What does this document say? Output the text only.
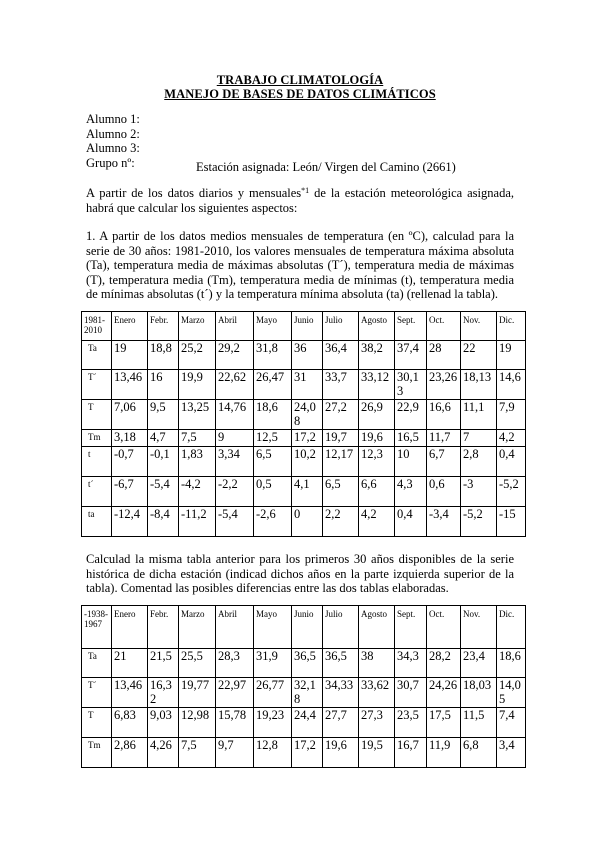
TRABAJO CLIMATOLOGÍA
MANEJO DE BASES DE DATOS CLIMÁTICOS
Alumno 1:
Alumno 2:
Alumno 3:
Grupo nº:	Estación asignada: León/ Virgen del Camino (2661)
A partir de los datos diarios y mensuales$^{*1}$ de la estación meteorológica asignada, habrá que calcular los siguientes aspectos:
1. A partir de los datos medios mensuales de temperatura (en ºC), calculad para la serie de 30 años: 1981-2010, los valores mensuales de temperatura máxima absoluta (Ta), temperatura media de máximas absolutas (T´), temperatura media de máximas (T), temperatura media (Tm), temperatura media de mínimas (t), temperatura media de mínimas absolutas (t´) y la temperatura mínima absoluta (ta) (rellenad la tabla).
1981-2010	Enero	Febr.	Marzo	Abril	Mayo	Junio	Julio	Agosto	Sept.	Oct.	Nov.	Dic.
Ta	19	18,8	25,2	29,2	31,8	36	36,4	38,2	37,4	28	22	19
T´	13,46	16	19,9	22,62	26,47	31	33,7	33,12	30,13	23,26	18,13	14,6
T	7,06	9,5	13,25	14,76	18,6	24,08	27,2	26,9	22,9	16,6	11,1	7,9
Tm	3,18	4,7	7,5	9	12,5	17,2	19,7	19,6	16,5	11,7	7	4,2
t	-0,7	-0,1	1,83	3,34	6,5	10,2	12,17	12,3	10	6,7	2,8	0,4
t´	-6,7	-5,4	-4,2	-2,2	0,5	4,1	6,5	6,6	4,3	0,6	-3	-5,2
ta	-12,4	-8,4	-11,2	-5,4	-2,6	0	2,2	4,2	0,4	-3,4	-5,2	-15
Calculad la misma tabla anterior para los primeros 30 años disponibles de la serie histórica de dicha estación (indicad dichos años en la parte izquierda superior de la tabla). Comentad las posibles diferencias entre las dos tablas elaboradas.
-1938-1967	Enero	Febr.	Marzo	Abril	Mayo	Junio	Julio	Agosto	Sept.	Oct.	Nov.	Dic.
Ta	21	21,5	25,5	28,3	31,9	36,5	36,5	38	34,3	28,2	23,4	18,6
T´	13,46	16,32	19,77	22,97	26,77	32,18	34,33	33,62	30,7	24,26	18,03	14,05
T	6,83	9,03	12,98	15,78	19,23	24,4	27,7	27,3	23,5	17,5	11,5	7,4
Tm	2,86	4,26	7,5	9,7	12,8	17,2	19,6	19,5	16,7	11,9	6,8	3,4
